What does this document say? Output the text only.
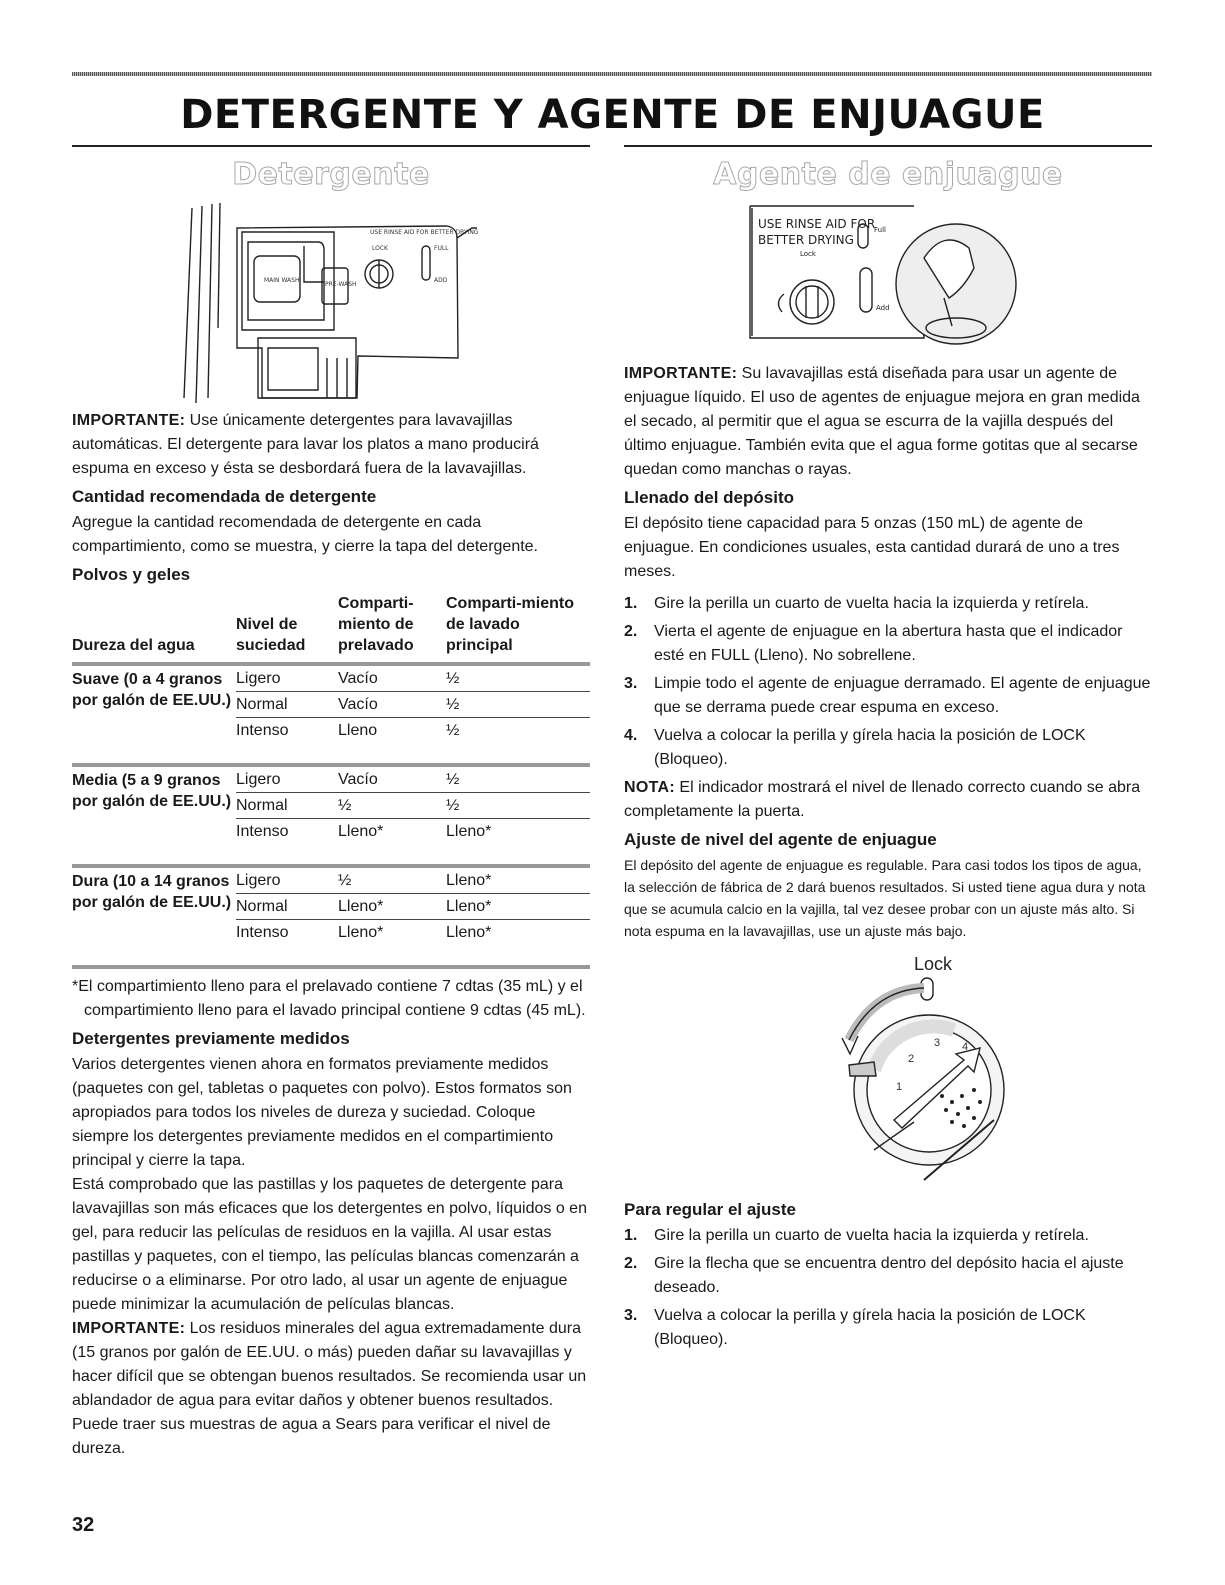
DETERGENTE Y AGENTE DE ENJUAGUE
Detergente
USE RINSE AID FOR BETTER DRYING
LOCK	FULL
ADD
MAIN WASH
PRE-WASH

IMPORTANTE: Use únicamente detergentes para lavavajillas automáticas. El detergente para lavar los platos a mano producirá espuma en exceso y ésta se desbordará fuera de la lavavajillas.

Cantidad recomendada de detergente

Agregue la cantidad recomendada de detergente en cada compartimiento, como se muestra, y cierre la tapa del detergente.

Polvos y geles
Dureza del agua	Nivel de suciedad	Comparti-miento de prelavado	Comparti-miento de lavado principal
Suave (0 a 4 granos por galón de EE.UU.)	Ligero	Vacío	½
	Normal	Vacío	½
	Intenso	Lleno	½
Media (5 a 9 granos por galón de EE.UU.)	Ligero	Vacío	½
	Normal	½	½
	Intenso	Lleno*	Lleno*
Dura (10 a 14 granos por galón de EE.UU.)	Ligero	½	Lleno*
	Normal	Lleno*	Lleno*
	Intenso	Lleno*	Lleno*

*El compartimiento lleno para el prelavado contiene 7 cdtas (35 mL) y el compartimiento lleno para el lavado principal contiene 9 cdtas (45 mL).

Detergentes previamente medidos

Varios detergentes vienen ahora en formatos previamente medidos (paquetes con gel, tabletas o paquetes con polvo). Estos formatos son apropiados para todos los niveles de dureza y suciedad. Coloque siempre los detergentes previamente medidos en el compartimiento principal y cierre la tapa.

Está comprobado que las pastillas y los paquetes de detergente para lavavajillas son más eficaces que los detergentes en polvo, líquidos o en gel, para reducir las películas de residuos en la vajilla. Al usar estas pastillas y paquetes, con el tiempo, las películas blancas comenzarán a reducirse o a eliminarse. Por otro lado, al usar un agente de enjuague puede minimizar la acumulación de películas blancas.

IMPORTANTE: Los residuos minerales del agua extremadamente dura (15 granos por galón de EE.UU. o más) pueden dañar su lavavajillas y hacer difícil que se obtengan buenos resultados. Se recomienda usar un ablandador de agua para evitar daños y obtener buenos resultados. Puede traer sus muestras de agua a Sears para verificar el nivel de dureza.

Agente de enjuague
USE RINSE AID FOR
BETTER DRYING
Lock
Full
Add

IMPORTANTE: Su lavavajillas está diseñada para usar un agente de enjuague líquido. El uso de agentes de enjuague mejora en gran medida el secado, al permitir que el agua se escurra de la vajilla después del último enjuague. También evita que el agua forme gotitas que al secarse quedan como manchas o rayas.

Llenado del depósito

El depósito tiene capacidad para 5 onzas (150 mL) de agente de enjuague. En condiciones usuales, esta cantidad durará de uno a tres meses.

1. Gire la perilla un cuarto de vuelta hacia la izquierda y retírela.
2. Vierta el agente de enjuague en la abertura hasta que el indicador esté en FULL (Lleno). No sobrellene.
3. Limpie todo el agente de enjuague derramado. El agente de enjuague que se derrama puede crear espuma en exceso.
4. Vuelva a colocar la perilla y gírela hacia la posición de LOCK (Bloqueo).

NOTA: El indicador mostrará el nivel de llenado correcto cuando se abra completamente la puerta.

Ajuste de nivel del agente de enjuague

El depósito del agente de enjuague es regulable. Para casi todos los tipos de agua, la selección de fábrica de 2 dará buenos resultados. Si usted tiene agua dura y nota que se acumula calcio en la vajilla, tal vez desee probar con un ajuste más alto. Si nota espuma en la lavavajillas, use un ajuste más bajo.

Lock
1
2
3 4
Para regular el ajuste
1. Gire la perilla un cuarto de vuelta hacia la izquierda y retírela.
2. Gire la flecha que se encuentra dentro del depósito hacia el ajuste deseado.
3. Vuelva a colocar la perilla y gírela hacia la posición de LOCK (Bloqueo).
32
